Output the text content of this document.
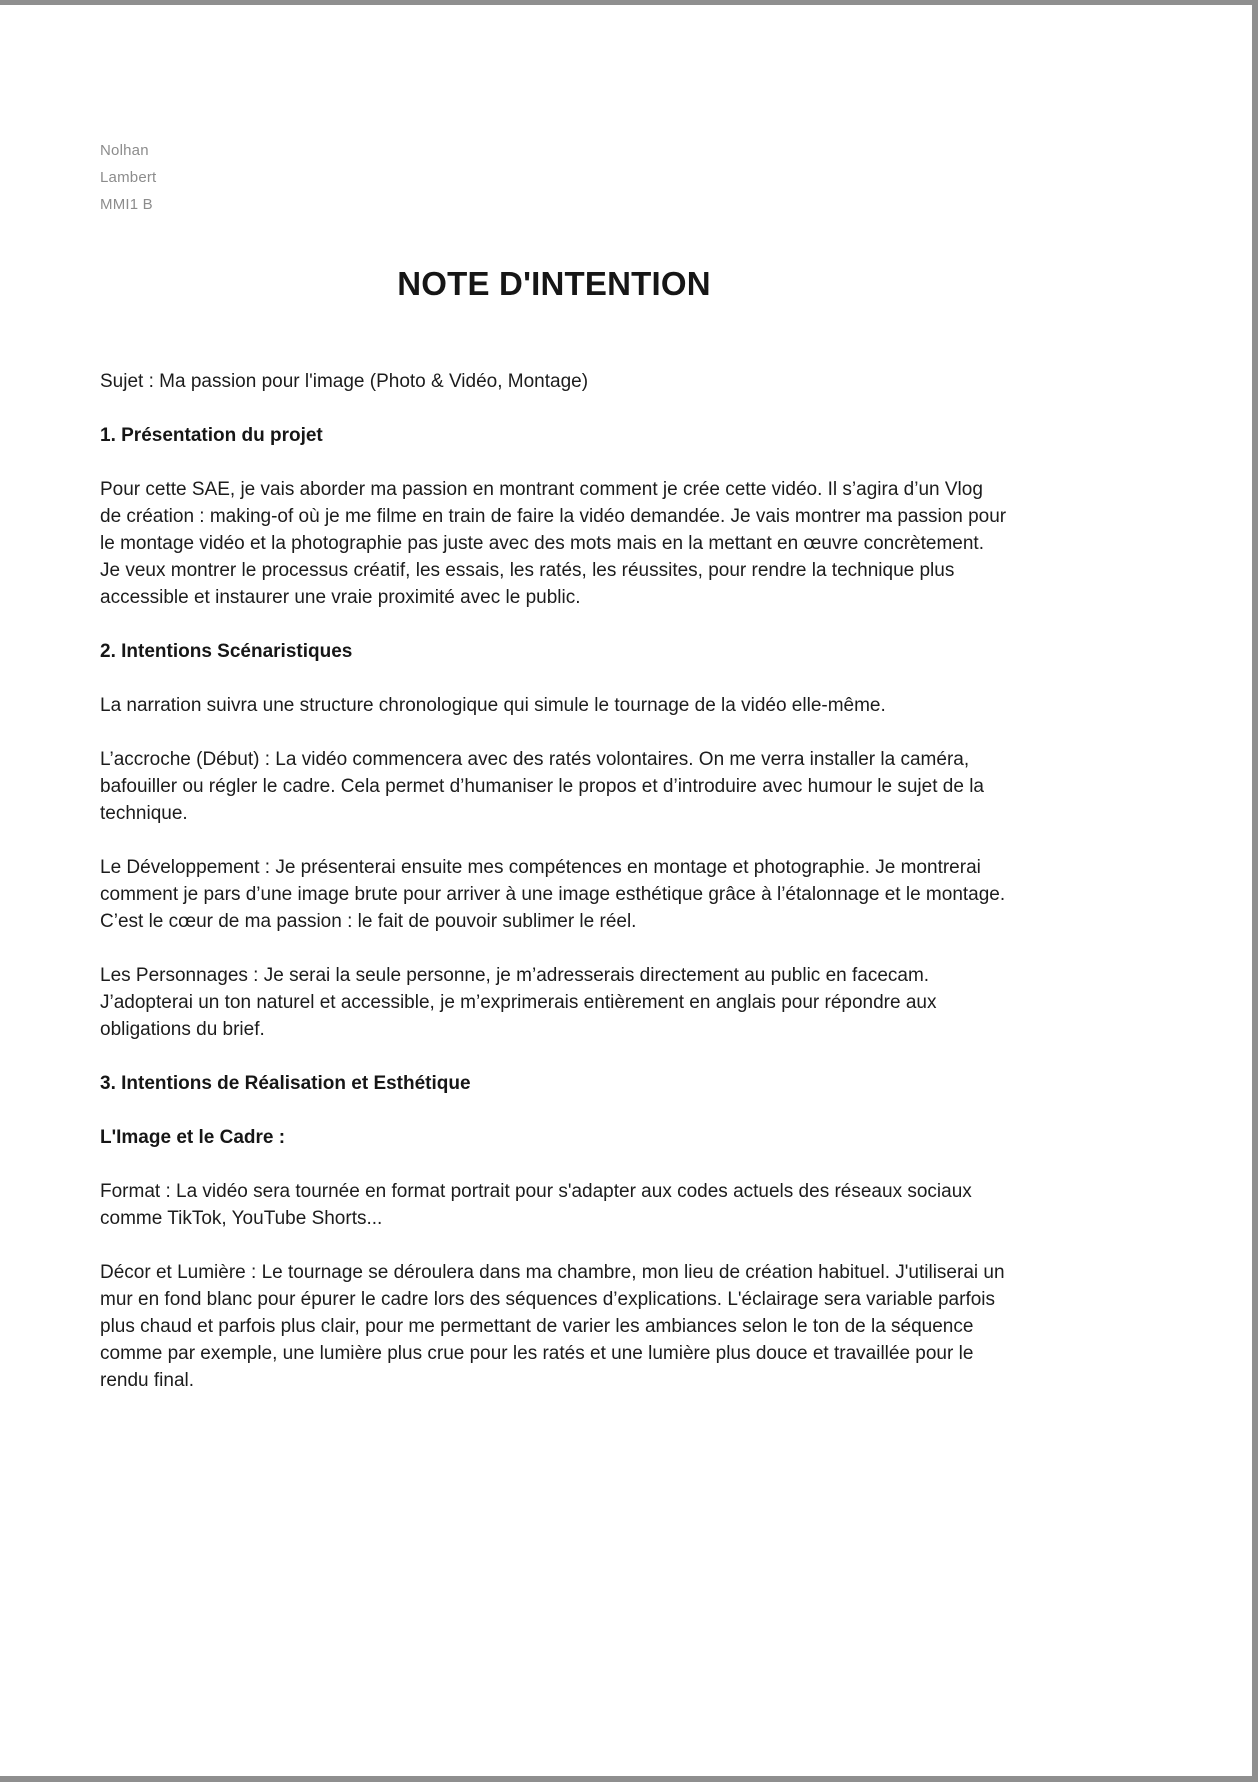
Nolhan
Lambert
MMI1 B
NOTE D'INTENTION

Sujet : Ma passion pour l'image (Photo & Vidéo, Montage)

1. Présentation du projet

Pour cette SAE, je vais aborder ma passion en montrant comment je crée cette vidéo. Il s’agira d’un Vlog de création : making-of où je me filme en train de faire la vidéo demandée. Je vais montrer ma passion pour le montage vidéo et la photographie pas juste avec des mots mais en la mettant en œuvre concrètement. Je veux montrer le processus créatif, les essais, les ratés, les réussites, pour rendre la technique plus accessible et instaurer une vraie proximité avec le public.

2. Intentions Scénaristiques

La narration suivra une structure chronologique qui simule le tournage de la vidéo elle-même.

L’accroche (Début) : La vidéo commencera avec des ratés volontaires. On me verra installer la caméra, bafouiller ou régler le cadre. Cela permet d’humaniser le propos et d’introduire avec humour le sujet de la technique.

Le Développement : Je présenterai ensuite mes compétences en montage et photographie. Je montrerai comment je pars d’une image brute pour arriver à une image esthétique grâce à l’étalonnage et le montage. C’est le cœur de ma passion : le fait de pouvoir sublimer le réel.

Les Personnages : Je serai la seule personne, je m’adresserais directement au public en facecam. J’adopterai un ton naturel et accessible, je m’exprimerais entièrement en anglais pour répondre aux obligations du brief.

3. Intentions de Réalisation et Esthétique

L'Image et le Cadre :

Format : La vidéo sera tournée en format portrait pour s'adapter aux codes actuels des réseaux sociaux comme TikTok, YouTube Shorts...

Décor et Lumière : Le tournage se déroulera dans ma chambre, mon lieu de création habituel. J'utiliserai un mur en fond blanc pour épurer le cadre lors des séquences d’explications. L'éclairage sera variable parfois plus chaud et parfois plus clair, pour me permettant de varier les ambiances selon le ton de la séquence comme par exemple, une lumière plus crue pour les ratés et une lumière plus douce et travaillée pour le rendu final.
